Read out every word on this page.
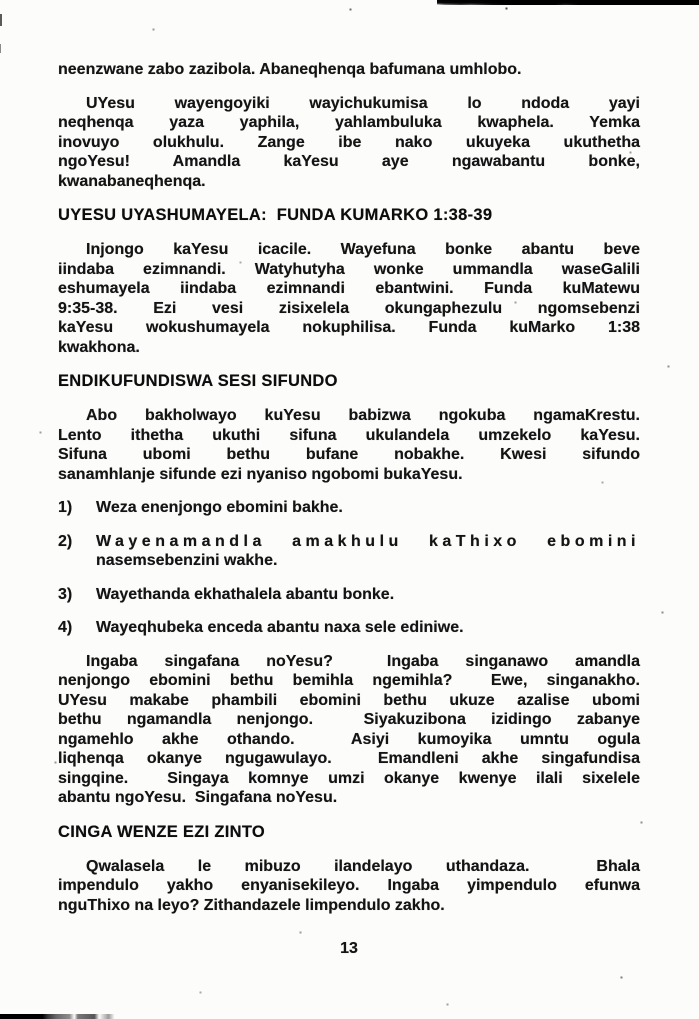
neenzwane zabo zazibola. Abaneqhenqa bafumana umhlobo.
UYesu wayengoyiki wayichukumisa lo ndoda yayi
neqhenqa yaza yaphila, yahlambuluka kwaphela. Yemka
inovuyo olukhulu. Zange ibe nako ukuyeka ukuthetha
ngoYesu! Amandla kaYesu aye ngawabantu bonke,
kwanabaneqhenqa.
UYESU UYASHUMAYELA:  FUNDA KUMARKO 1:38-39
Injongo kaYesu icacile. Wayefuna bonke abantu beve
iindaba ezimnandi. Watyhutyha wonke ummandla waseGalili
eshumayela iindaba ezimnandi ebantwini. Funda kuMatewu
9:35-38. Ezi vesi zisixelela okungaphezulu ngomsebenzi
kaYesu wokushumayela nokuphilisa. Funda kuMarko 1:38
kwakhona.
ENDIKUFUNDISWA SESI SIFUNDO
Abo bakholwayo kuYesu babizwa ngokuba ngamaKrestu.
Lento ithetha ukuthi sifuna ukulandela umzekelo kaYesu.
Sifuna ubomi bethu bufane nobakhe. Kwesi sifundo
sanamhlanje sifunde ezi nyaniso ngobomi bukaYesu.
1)	Weza enenjongo ebomini bakhe.
2)	Wayenamandla amakhulu kaThixo ebomini
nasemsebenzini wakhe.
3)	Wayethanda ekhathalela abantu bonke.
4)	Wayeqhubeka enceda abantu naxa sele ediniwe.
Ingaba singafana noYesu?  Ingaba singanawo amandla
nenjongo ebomini bethu bemihla ngemihla?  Ewe, singanakho.
UYesu makabe phambili ebomini bethu ukuze azalise ubomi
bethu ngamandla nenjongo.  Siyakuzibona izidingo zabanye
ngamehlo akhe othando.  Asiyi kumoyika umntu ogula
liqhenqa okanye ngugawulayo.  Emandleni akhe singafundisa
singqine.  Singaya komnye umzi okanye kwenye ilali sixelele
abantu ngoYesu.  Singafana noYesu.
CINGA WENZE EZI ZINTO
Qwalasela le mibuzo ilandelayo uthandaza.  Bhala
impendulo yakho enyanisekileyo. Ingaba yimpendulo efunwa
nguThixo na leyo? Zithandazele limpendulo zakho.
13
